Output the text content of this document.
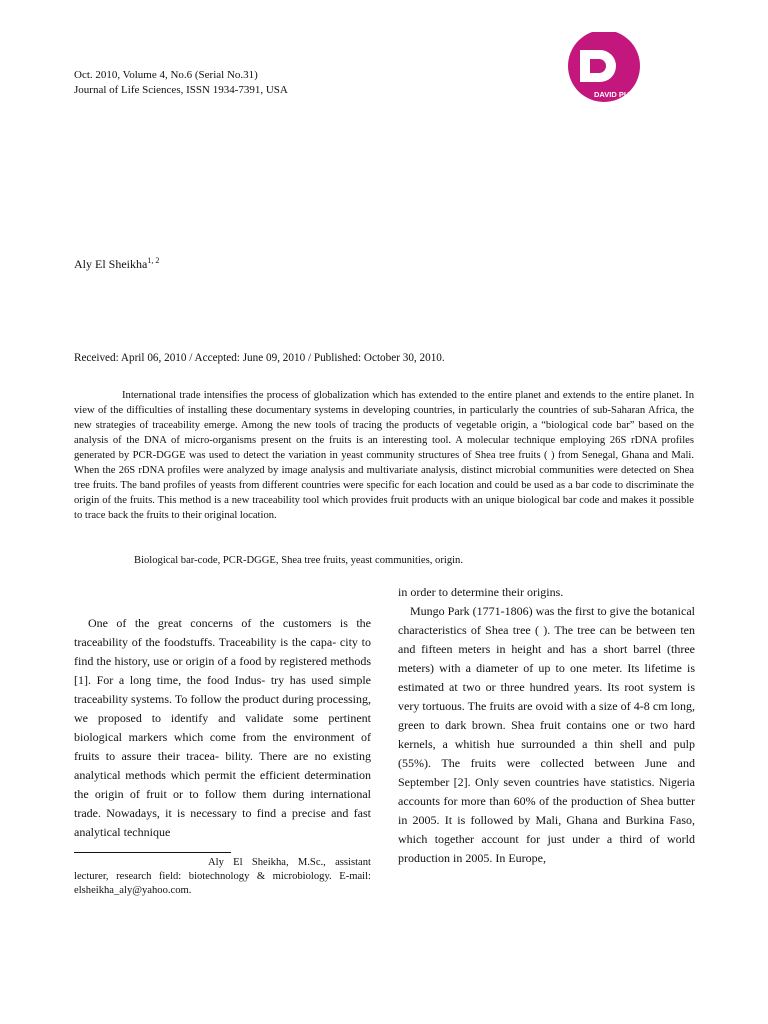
Oct. 2010, Volume 4, No.6 (Serial No.31)
Journal of Life Sciences, ISSN 1934-7391, USA	DAVID PUBLISHING
Aly El Sheikha$^{1, 2}$
Received: April 06, 2010 / Accepted: June 09, 2010 / Published: October 30, 2010.
International trade intensifies the process of globalization which has extended to the entire planet and extends to the entire planet. In view of the difficulties of installing these documentary systems in developing countries, in particularly the countries of sub-Saharan Africa, the new strategies of traceability emerge. Among the new tools of tracing the products of vegetable origin, a “biological code bar” based on the analysis of the DNA of micro-organisms present on the fruits is an interesting tool. A molecular technique employing 26S rDNA profiles generated by PCR-DGGE was used to detect the variation in yeast community structures of Shea tree fruits ( ) from Senegal, Ghana and Mali. When the 26S rDNA profiles were analyzed by image analysis and multivariate analysis, distinct microbial communities were detected on Shea tree fruits. The band profiles of yeasts from different countries were specific for each location and could be used as a bar code to discriminate the origin of the fruits. This method is a new traceability tool which provides fruit products with an unique biological bar code and makes it possible to trace back the fruits to their original location.
Biological bar-code, PCR-DGGE, Shea tree fruits, yeast communities, origin.

One of the great concerns of the customers is the traceability of the foodstuffs. Traceability is the capa- city to find the history, use or origin of a food by registered methods [1]. For a long time, the food Indus- try has used simple traceability systems. To follow the product during processing, we proposed to identify and validate some pertinent biological markers which come from the environment of fruits to assure their tracea- bility. There are no existing analytical methods which permit the efficient determination the origin of fruit or to follow them during international trade. Nowadays, it is necessary to find a precise and fast analytical technique

in order to determine their origins.

Mungo Park (1771-1806) was the first to give the botanical characteristics of Shea tree ( ). The tree can be between ten and fifteen meters in height and has a short barrel (three meters) with a diameter of up to one meter. Its lifetime is estimated at two or three hundred years. Its root system is very tortuous. The fruits are ovoid with a size of 4-8 cm long, green to dark brown. Shea fruit contains one or two hard kernels, a whitish hue surrounded a thin shell and pulp (55%). The fruits were collected between June and September [2]. Only seven countries have statistics. Nigeria accounts for more than 60% of the production of Shea butter in 2005. It is followed by Mali, Ghana and Burkina Faso, which together account for just under a third of world production in 2005. In Europe,

Aly El Sheikha, M.Sc., assistant lecturer, research field: biotechnology & microbiology. E-mail: elsheikha_aly@yahoo.com.
